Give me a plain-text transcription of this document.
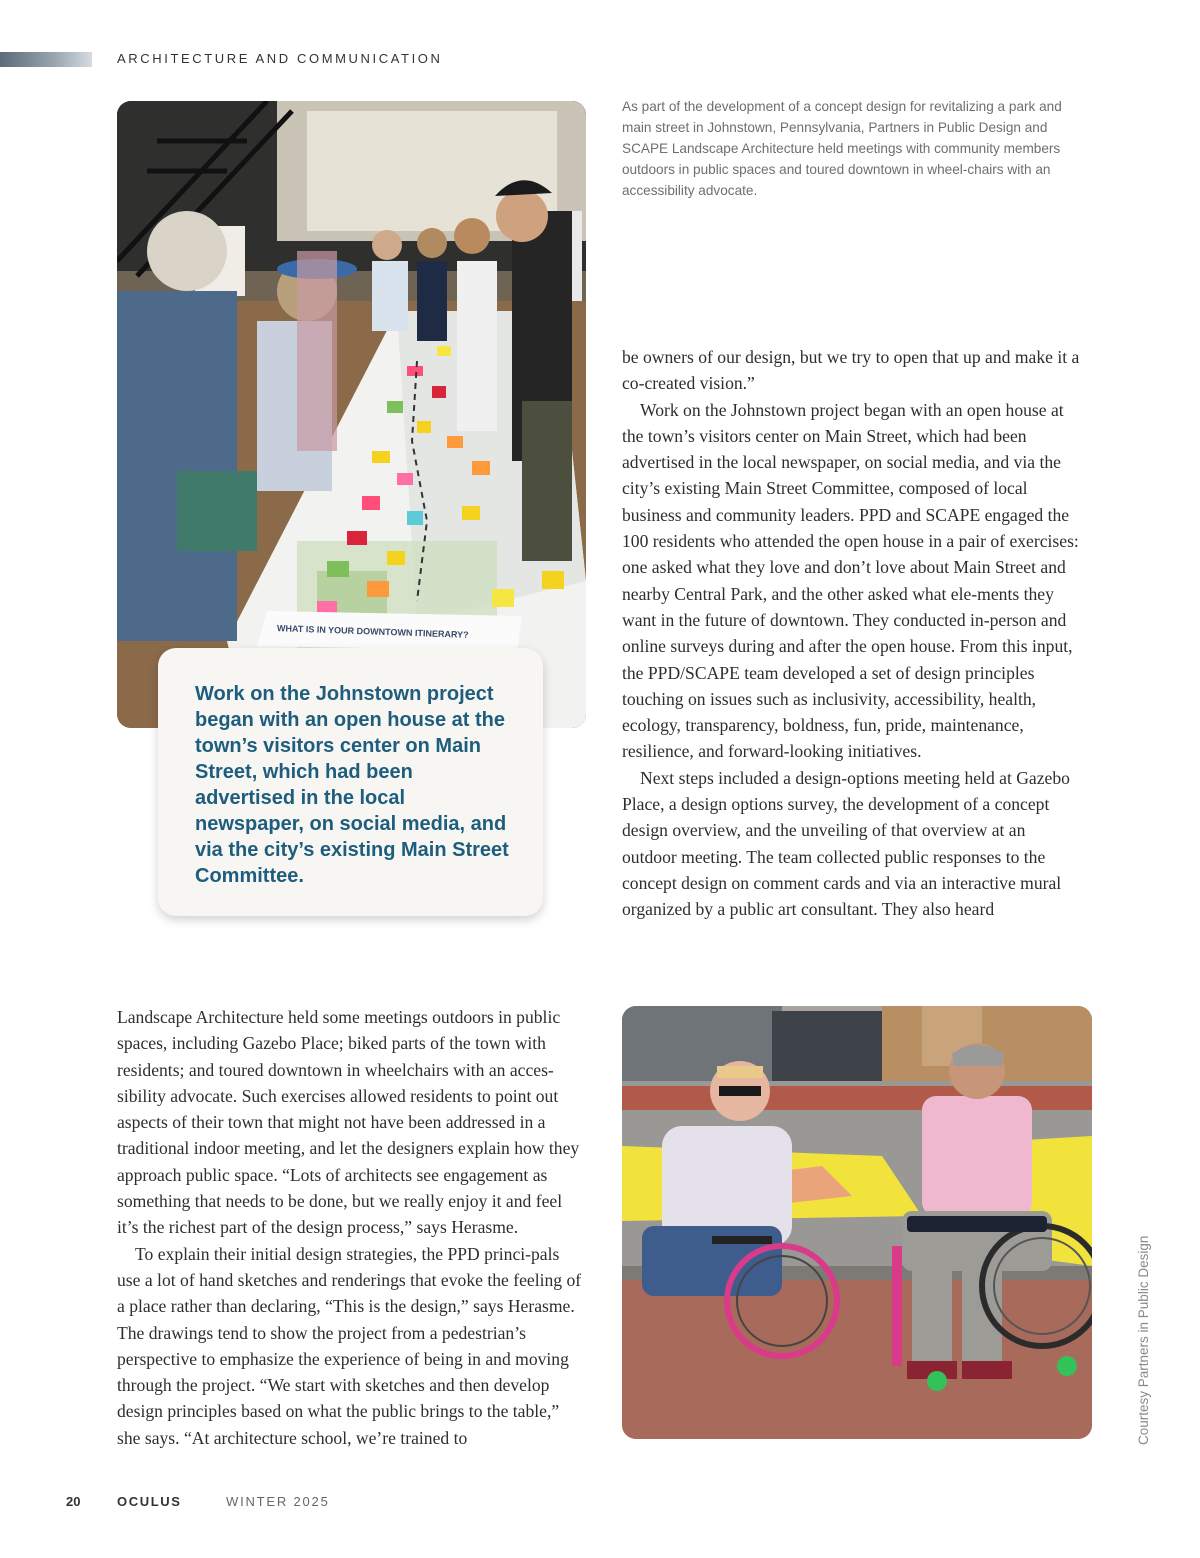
ARCHITECTURE AND COMMUNICATION
WHAT IS IN YOUR DOWNTOWN ITINERARY?

Work on the Johnstown project began with an open house at the town’s visitors center on Main Street, which had been advertised in the local newspaper, on social media, and via the city’s existing Main Street Committee.

As part of the development of a concept design for revitalizing a park and main street in Johnstown, Pennsylvania, Partners in Public Design and SCAPE Landscape Architecture held meetings with community members outdoors in public spaces and toured downtown in wheel-chairs with an accessibility advocate.

be owners of our design, but we try to open that up and make it a co-created vision.”

Work on the Johnstown project began with an open house at the town’s visitors center on Main Street, which had been advertised in the local newspaper, on social media, and via the city’s existing Main Street Committee, composed of local business and community leaders. PPD and SCAPE engaged the 100 residents who attended the open house in a pair of exercises: one asked what they love and don’t love about Main Street and nearby Central Park, and the other asked what ele-ments they want in the future of downtown. They conducted in-person and online surveys during and after the open house. From this input, the PPD/SCAPE team developed a set of design principles touching on issues such as inclusivity, accessibility, health, ecology, transparency, boldness, fun, pride, maintenance, resilience, and forward-looking initiatives.

Next steps included a design-options meeting held at Gazebo Place, a design options survey, the development of a concept design overview, and the unveiling of that overview at an outdoor meeting. The team collected public responses to the concept design on comment cards and via an interactive mural organized by a public art consultant. They also heard

Landscape Architecture held some meetings outdoors in public spaces, including Gazebo Place; biked parts of the town with residents; and toured downtown in wheelchairs with an acces-sibility advocate. Such exercises allowed residents to point out aspects of their town that might not have been addressed in a traditional indoor meeting, and let the designers explain how they approach public space. “Lots of architects see engagement as something that needs to be done, but we really enjoy it and feel it’s the richest part of the design process,” says Herasme.

To explain their initial design strategies, the PPD princi-pals use a lot of hand sketches and renderings that evoke the feeling of a place rather than declaring, “This is the design,” says Herasme. The drawings tend to show the project from a pedestrian’s perspective to emphasize the experience of being in and moving through the project. “We start with sketches and then develop design principles based on what the public brings to the table,” she says. “At architecture school, we’re trained to	Courtesy Partners in Public Design
20	OCULUS	WINTER 2025
